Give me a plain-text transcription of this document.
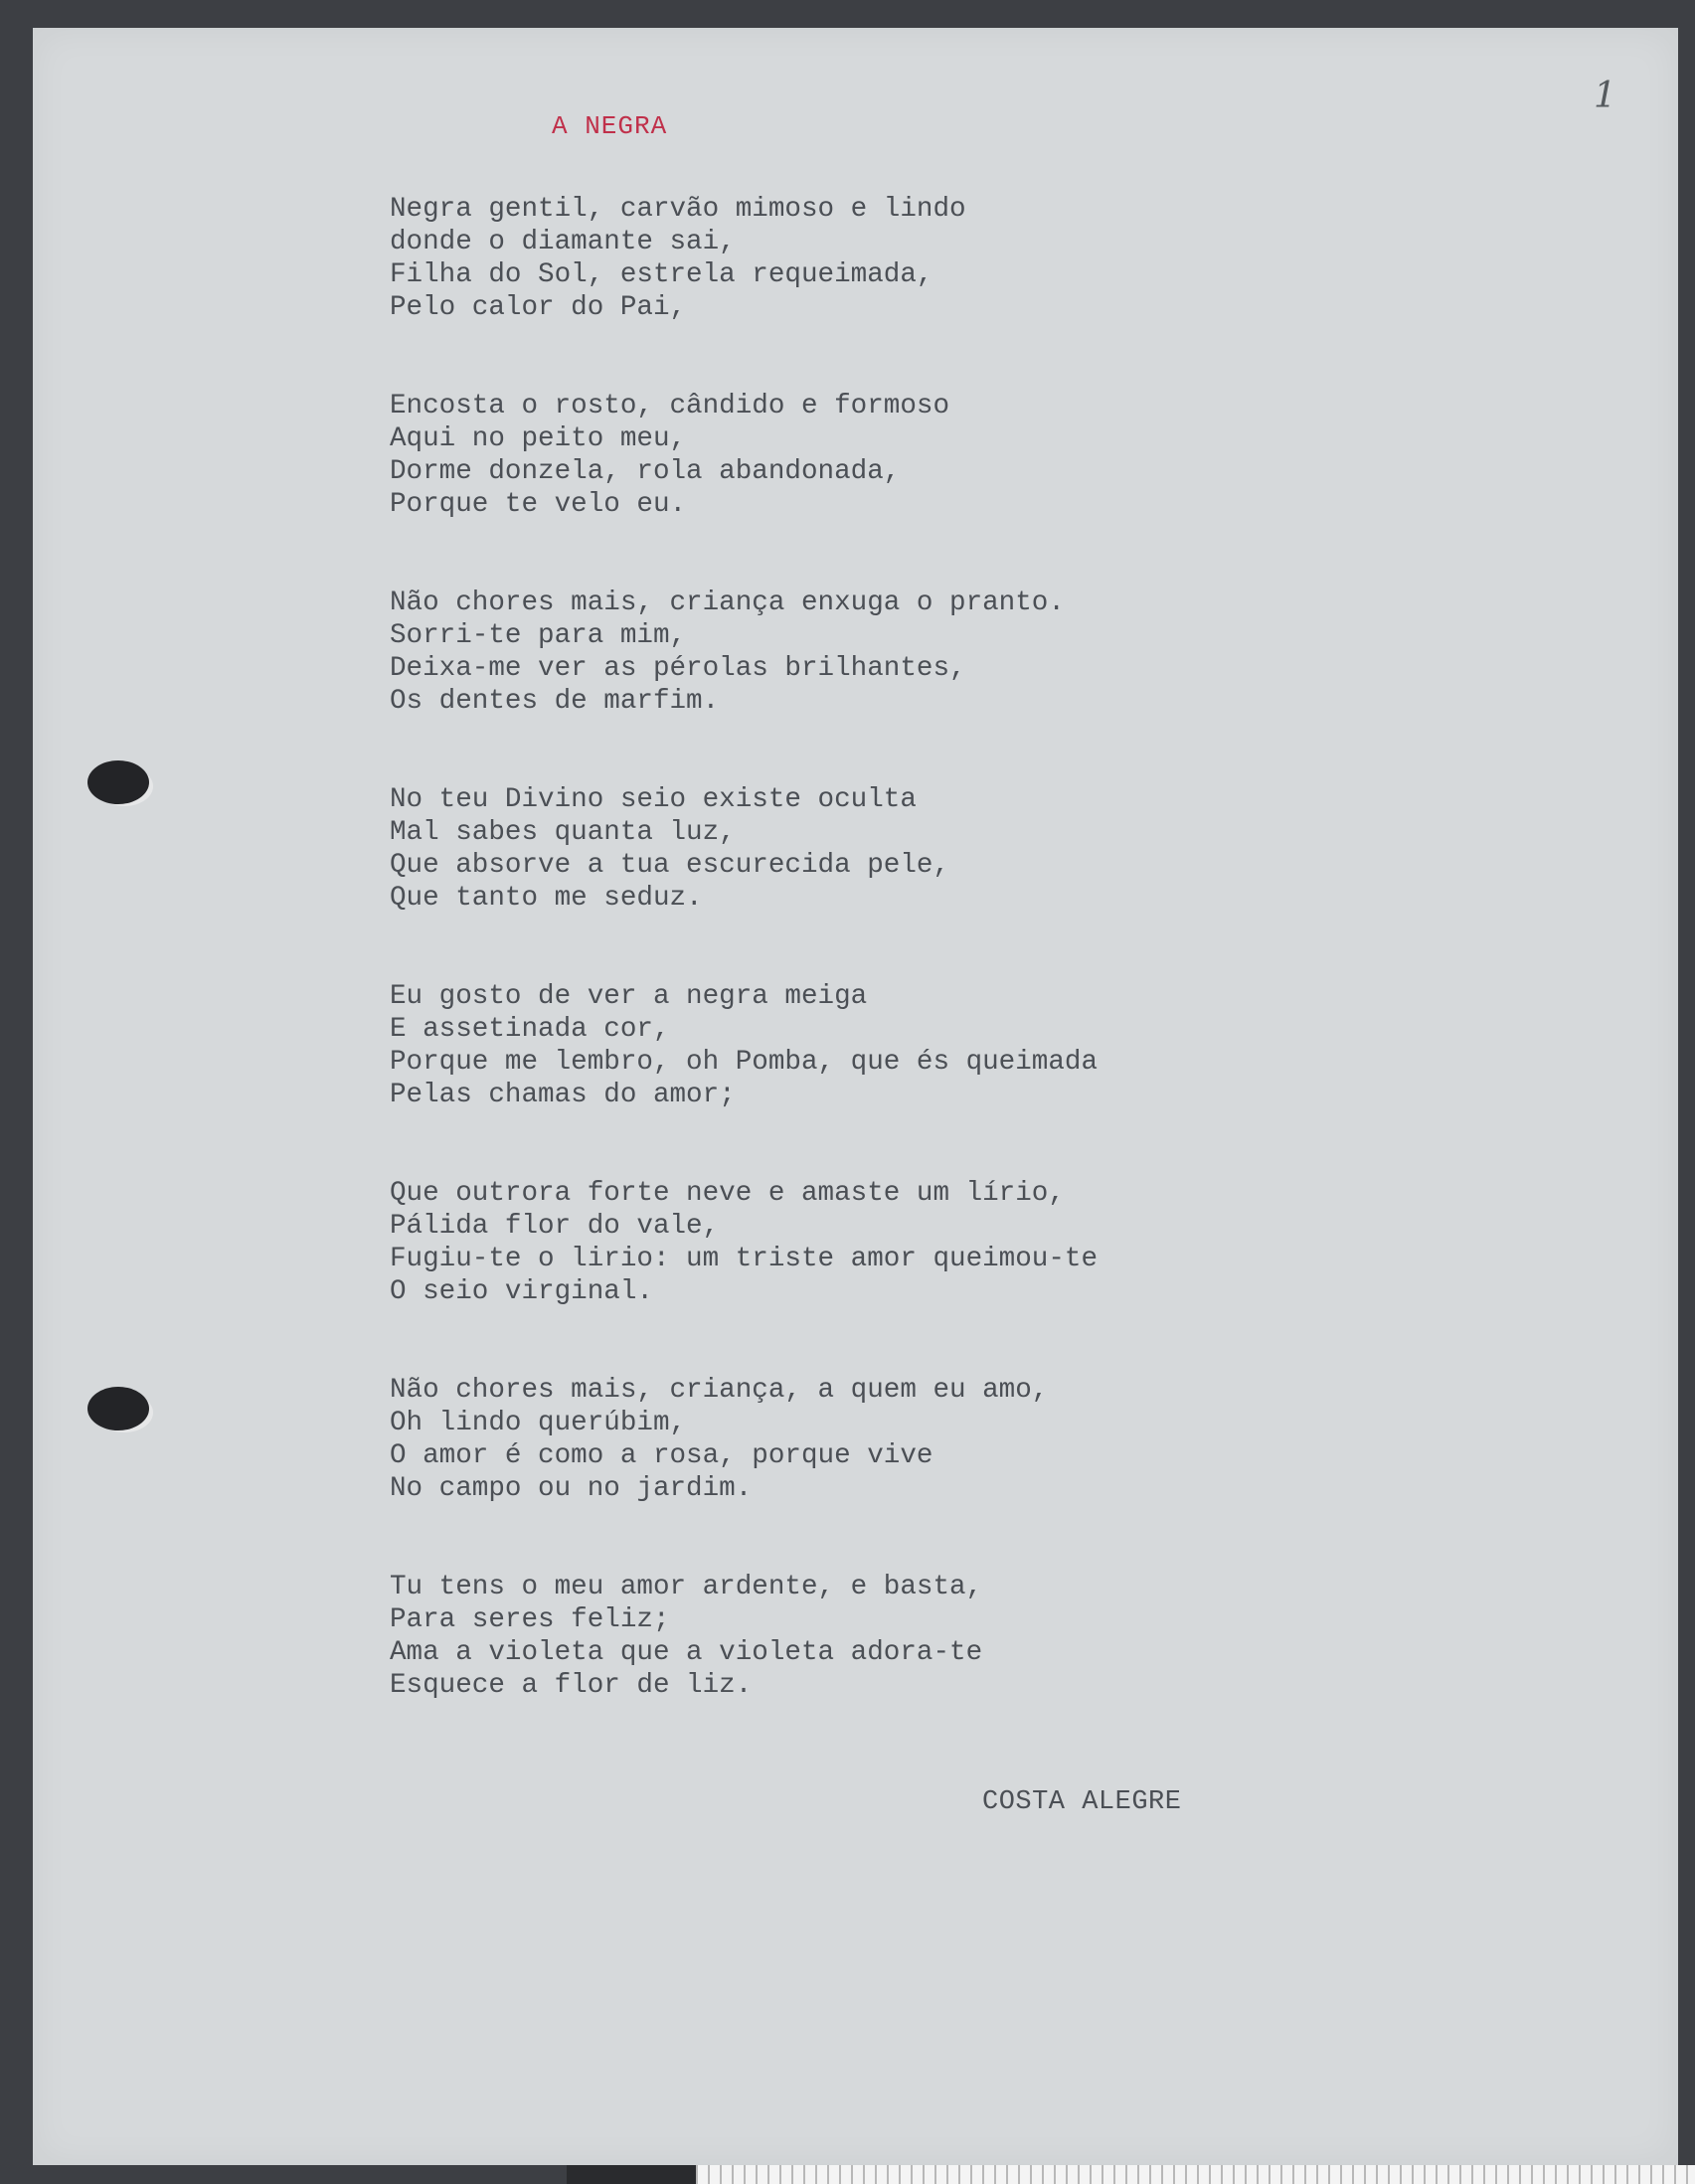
1
A NEGRA
Negra gentil, carvão mimoso e lindo
donde o diamante sai,
Filha do Sol, estrela requeimada,
Pelo calor do Pai,
Encosta o rosto, cândido e formoso
Aqui no peito meu,
Dorme donzela, rola abandonada,
Porque te velo eu.
Não chores mais, criança enxuga o pranto.
Sorri-te para mim,
Deixa-me ver as pérolas brilhantes,
Os dentes de marfim.
No teu Divino seio existe oculta
Mal sabes quanta luz,
Que absorve a tua escurecida pele,
Que tanto me seduz.
Eu gosto de ver a negra meiga
E assetinada cor,
Porque me lembro, oh Pomba, que és queimada
Pelas chamas do amor;
Que outrora forte neve e amaste um lírio,
Pálida flor do vale,
Fugiu-te o lirio: um triste amor queimou-te
O seio virginal.
Não chores mais, criança, a quem eu amo,
Oh lindo querúbim,
O amor é como a rosa, porque vive
No campo ou no jardim.
Tu tens o meu amor ardente, e basta,
Para seres feliz;
Ama a violeta que a violeta adora-te
Esquece a flor de liz.
COSTA ALEGRE
